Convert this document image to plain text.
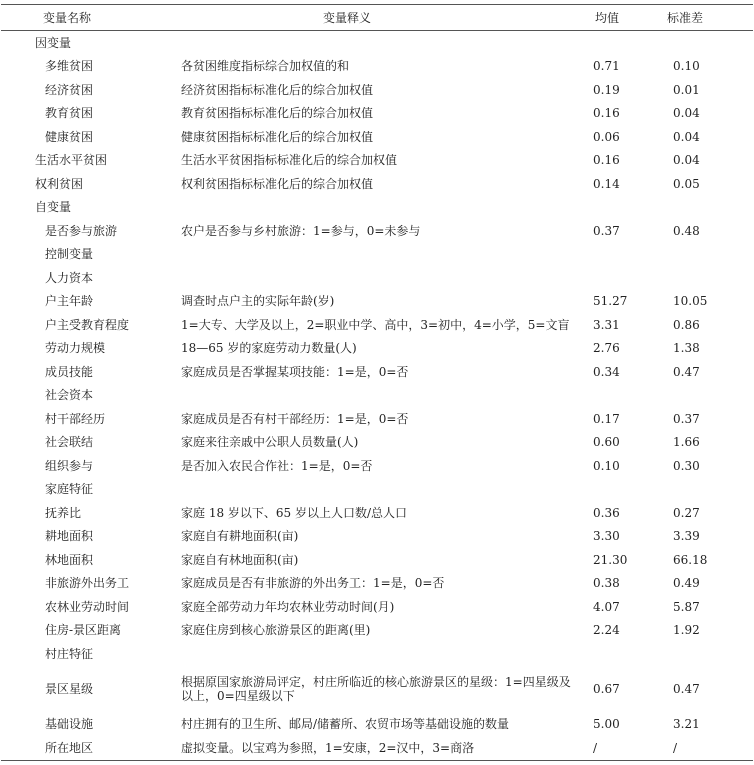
变量名称	变量释义	均值	标准差
因变量			
多维贫困	各贫困维度指标综合加权值的和	0.71	0.10
经济贫困	经济贫困指标标准化后的综合加权值	0.19	0.01
教育贫困	教育贫困指标标准化后的综合加权值	0.16	0.04
健康贫困	健康贫困指标标准化后的综合加权值	0.06	0.04
生活水平贫困	生活水平贫困指标标准化后的综合加权值	0.16	0.04
权利贫困	权利贫困指标标准化后的综合加权值	0.14	0.05
自变量			
是否参与旅游	农户是否参与乡村旅游：1=参与，0=未参与	0.37	0.48
控制变量			
人力资本			
户主年龄	调查时点户主的实际年龄(岁)	51.27	10.05
户主受教育程度	1=大专、大学及以上，2=职业中学、高中，3=初中，4=小学，5=文盲	3.31	0.86
劳动力规模	18—65 岁的家庭劳动力数量(人)	2.76	1.38
成员技能	家庭成员是否掌握某项技能：1=是，0=否	0.34	0.47
社会资本			
村干部经历	家庭成员是否有村干部经历：1=是，0=否	0.17	0.37
社会联结	家庭来往亲戚中公职人员数量(人)	0.60	1.66
组织参与	是否加入农民合作社：1=是，0=否	0.10	0.30
家庭特征			
抚养比	家庭 18 岁以下、65 岁以上人口数/总人口	0.36	0.27
耕地面积	家庭自有耕地面积(亩)	3.30	3.39
林地面积	家庭自有林地面积(亩)	21.30	66.18
非旅游外出务工	家庭成员是否有非旅游的外出务工：1=是，0=否	0.38	0.49
农林业劳动时间	家庭全部劳动力年均农林业劳动时间(月)	4.07	5.87
住房-景区距离	家庭住房到核心旅游景区的距离(里)	2.24	1.92
村庄特征			
景区星级	根据原国家旅游局评定，村庄所临近的核心旅游景区的星级：1=四星级及以上，0=四星级以下	0.67	0.47
基础设施	村庄拥有的卫生所、邮局/储蓄所、农贸市场等基础设施的数量	5.00	3.21
所在地区	虚拟变量。以宝鸡为参照，1=安康，2=汉中，3=商洛	/	/
